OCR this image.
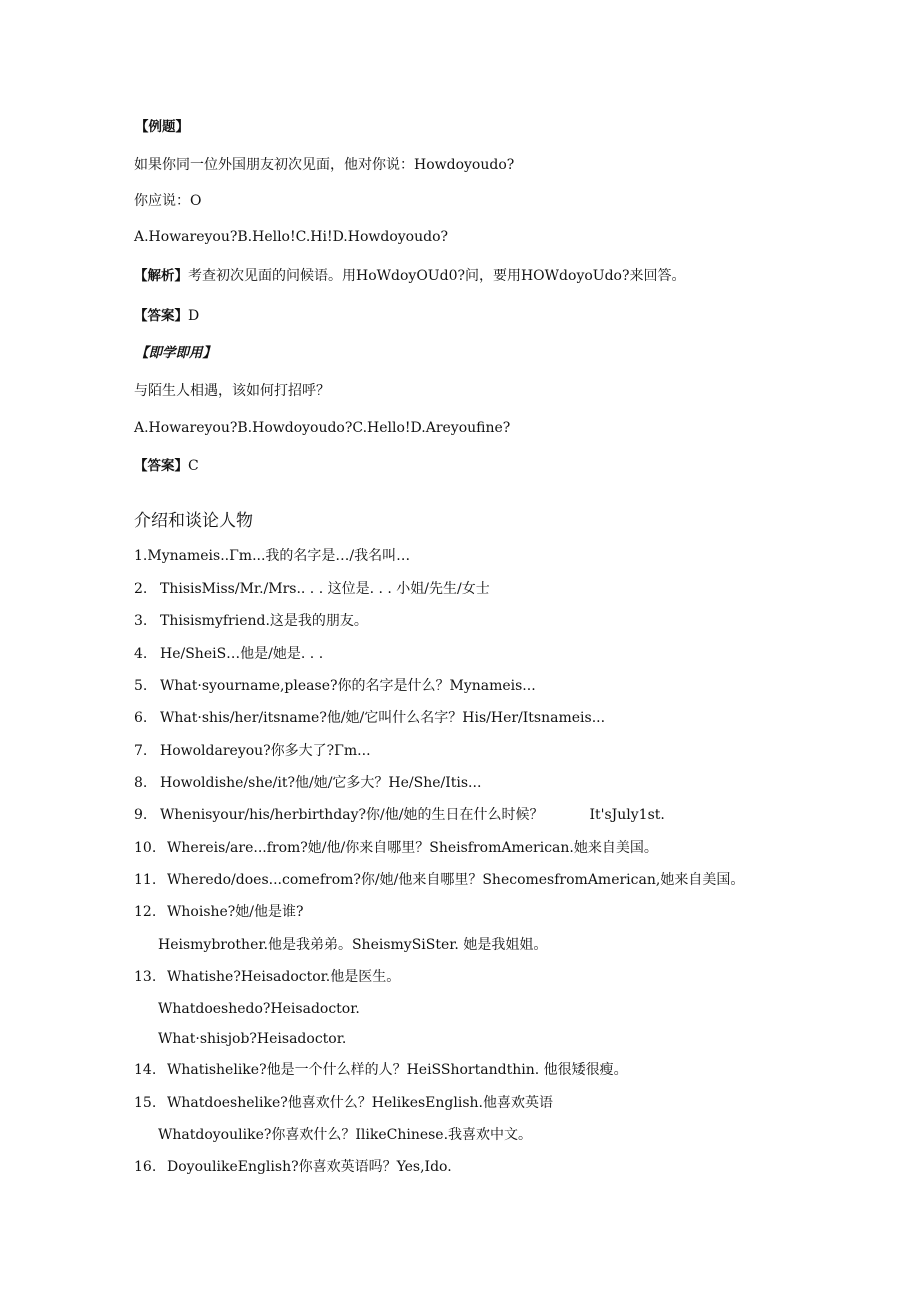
【例题】
如果你同一位外国朋友初次见面，他对你说：Howdoyoudo?
你应说：O
A.Howareyou?B.Hello!C.Hi!D.Howdoyoudo?
【解析】考查初次见面的问候语。用HoWdoyOUd0?问，要用HOWdoyoUdo?来回答。
【答案】D
【即学即用】
与陌生人相遇，该如何打招呼？
A.Howareyou?B.Howdoyoudo?C.Hello!D.Areyoufine?
【答案】C
介绍和谈论人物
1.Mynameis..Γm...我的名字是…/我名叫…
2. ThisisMiss/Mr./Mrs.. . . 这位是. . . 小姐/先生/女士
3. Thisismyfriend.这是我的朋友。
4. He/SheiS…他是/她是. . .
5. What·syourname,please?你的名字是什么？Mynameis...
6. What·shis/her/itsname?他/她/它叫什么名字？His/Her/Itsnameis...
7. Howoldareyou?你多大了?Γm...
8. Howoldishe/she/it?他/她/它多大？He/She/Itis...
9. Whenisyour/his/herbirthday?你/他/她的生日在什么时候？	It'sJuly1st.
10. Whereis/are...from?她/他/你来自哪里？SheisfromAmerican.她来自美国。
11. Wheredo/does...comefrom?你/她/他来自哪里？ShecomesfromAmerican,她来自美国。
12. Whoishe?她/他是谁?
Heismybrother.他是我弟弟。SheismySiSter. 她是我姐姐。
13. Whatishe?Heisadoctor.他是医生。
Whatdoeshedo?Heisadoctor.
What·shisjob?Heisadoctor.
14. Whatishelike?他是一个什么样的人？HeiSShortandthin. 他很矮很瘦。
15. Whatdoeshelike?他喜欢什么？HelikesEnglish.他喜欢英语
Whatdoyoulike?你喜欢什么？IlikeChinese.我喜欢中文。
16. DoyoulikeEnglish?你喜欢英语吗？Yes,Ido.
